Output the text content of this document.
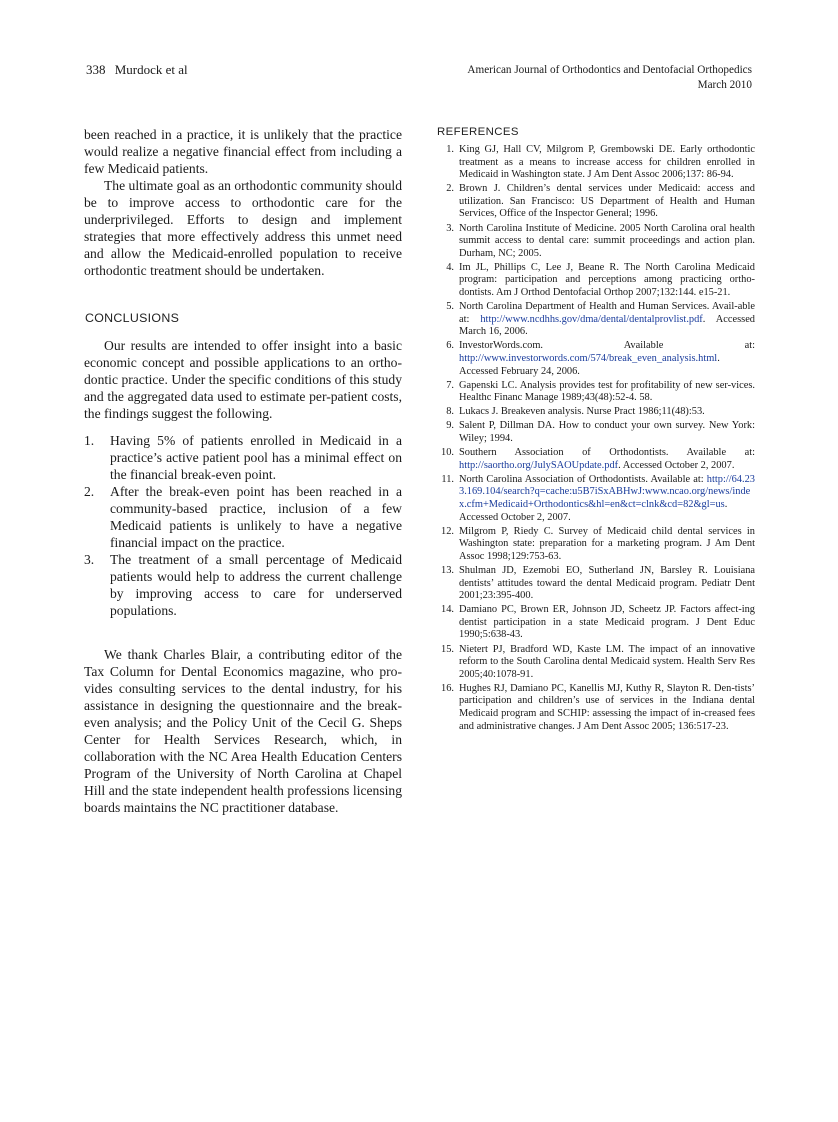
338 Murdock et al	American Journal of Orthodontics and Dentofacial Orthopedics
March 2010

been reached in a practice, it is unlikely that the practice would realize a negative financial effect from including a few Medicaid patients.

The ultimate goal as an orthodontic community should be to improve access to orthodontic care for the underprivileged. Efforts to design and implement strategies that more effectively address this unmet need and allow the Medicaid-enrolled population to receive orthodontic treatment should be undertaken.

CONCLUSIONS

Our results are intended to offer insight into a basic economic concept and possible applications to an ortho-dontic practice. Under the specific conditions of this study and the aggregated data used to estimate per-patient costs, the findings suggest the following.

1.	Having 5% of patients enrolled in Medicaid in a practice’s active patient pool has a minimal effect on the financial break-even point.
2.	After the break-even point has been reached in a community-based practice, inclusion of a few Medicaid patients is unlikely to have a negative financial impact on the practice.
3.	The treatment of a small percentage of Medicaid patients would help to address the current challenge by improving access to care for underserved populations.

We thank Charles Blair, a contributing editor of the Tax Column for Dental Economics magazine, who pro-vides consulting services to the dental industry, for his assistance in designing the questionnaire and the break-even analysis; and the Policy Unit of the Cecil G. Sheps Center for Health Services Research, which, in collaboration with the NC Area Health Education Centers Program of the University of North Carolina at Chapel Hill and the state independent health professions licensing boards maintains the NC practitioner database.

REFERENCES
1. King GJ, Hall CV, Milgrom P, Grembowski DE. Early orthodontic treatment as a means to increase access for children enrolled in Medicaid in Washington state. J Am Dent Assoc 2006;137: 86-94.
2. Brown J. Children’s dental services under Medicaid: access and utilization. San Francisco: US Department of Health and Human Services, Office of the Inspector General; 1996.
3. North Carolina Institute of Medicine. 2005 North Carolina oral health summit access to dental care: summit proceedings and action plan. Durham, NC; 2005.
4. Im JL, Phillips C, Lee J, Beane R. The North Carolina Medicaid program: participation and perceptions among practicing ortho-dontists. Am J Orthod Dentofacial Orthop 2007;132:144. e15-21.
5. North Carolina Department of Health and Human Services. Avail-able at: http://www.ncdhhs.gov/dma/dental/dentalprovlist.pdf. Accessed March 16, 2006.
6. InvestorWords.com. Available at: http://www.investorwords.com/574/break_even_analysis.html. Accessed February 24, 2006.
7. Gapenski LC. Analysis provides test for profitability of new ser-vices. Healthc Financ Manage 1989;43(48):52-4. 58.
8. Lukacs J. Breakeven analysis. Nurse Pract 1986;11(48):53.
9. Salent P, Dillman DA. How to conduct your own survey. New York: Wiley; 1994.
10. Southern Association of Orthodontists. Available at: http://saortho.org/JulySAOUpdate.pdf. Accessed October 2, 2007.
11. North Carolina Association of Orthodontists. Available at: http://64.233.169.104/search?q=cache:u5B7iSxABHwJ:www.ncao.org/news/index.cfm+Medicaid+Orthodontics&hl=en&ct=clnk&cd=82&gl=us. Accessed October 2, 2007.
12. Milgrom P, Riedy C. Survey of Medicaid child dental services in Washington state: preparation for a marketing program. J Am Dent Assoc 1998;129:753-63.
13. Shulman JD, Ezemobi EO, Sutherland JN, Barsley R. Louisiana dentists’ attitudes toward the dental Medicaid program. Pediatr Dent 2001;23:395-400.
14. Damiano PC, Brown ER, Johnson JD, Scheetz JP. Factors affect-ing dentist participation in a state Medicaid program. J Dent Educ 1990;5:638-43.
15. Nietert PJ, Bradford WD, Kaste LM. The impact of an innovative reform to the South Carolina dental Medicaid system. Health Serv Res 2005;40:1078-91.
16. Hughes RJ, Damiano PC, Kanellis MJ, Kuthy R, Slayton R. Den-tists’ participation and children’s use of services in the Indiana dental Medicaid program and SCHIP: assessing the impact of in-creased fees and administrative changes. J Am Dent Assoc 2005; 136:517-23.
